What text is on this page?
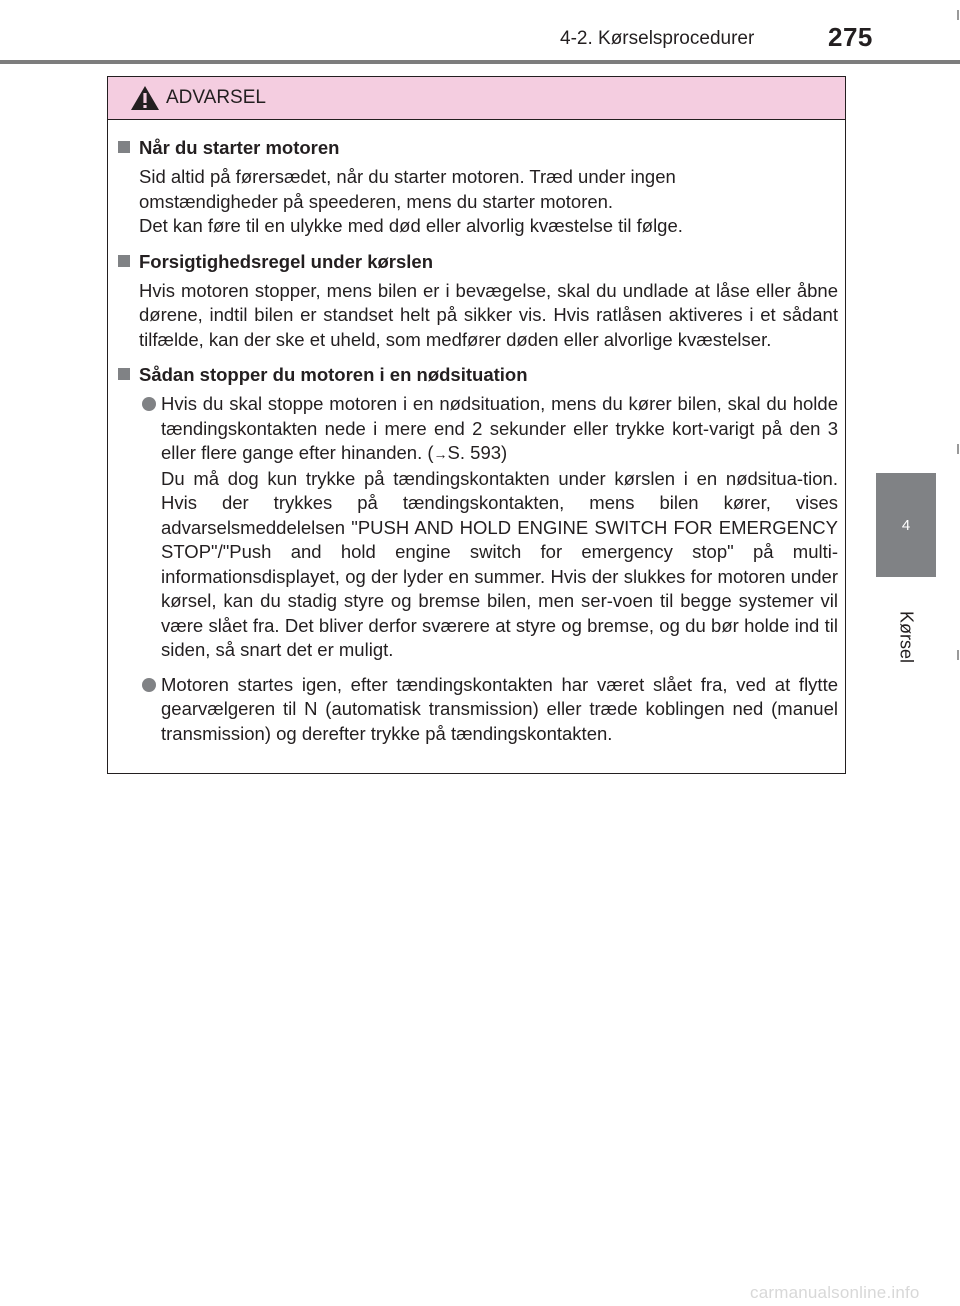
4-2. Kørselsprocedurer	275
4
Kørsel
ADVARSEL
Når du starter motoren
Sid altid på førersædet, når du starter motoren. Træd under ingen
omstændigheder på speederen, mens du starter motoren.
Det kan føre til en ulykke med død eller alvorlig kvæstelse til følge.
Forsigtighedsregel under kørslen
Hvis motoren stopper, mens bilen er i bevægelse, skal du undlade at låse eller åbne dørene, indtil bilen er standset helt på sikker vis. Hvis ratlåsen aktiveres i et sådant tilfælde, kan der ske et uheld, som medfører døden eller alvorlige kvæstelser.
Sådan stopper du motoren i en nødsituation
Hvis du skal stoppe motoren i en nødsituation, mens du kører bilen, skal du holde tændingskontakten nede i mere end 2 sekunder eller trykke kort-varigt på den 3 eller flere gange efter hinanden. (→S. 593)
Du må dog kun trykke på tændingskontakten under kørslen i en nødsitua-tion. Hvis der trykkes på tændingskontakten, mens bilen kører, vises advarselsmeddelelsen "PUSH AND HOLD ENGINE SWITCH FOR EMERGENCY STOP"/"Push and hold engine switch for emergency stop" på multi-informationsdisplayet, og der lyder en summer. Hvis der slukkes for motoren under kørsel, kan du stadig styre og bremse bilen, men ser-voen til begge systemer vil være slået fra. Det bliver derfor sværere at styre og bremse, og du bør holde ind til siden, så snart det er muligt.
Motoren startes igen, efter tændingskontakten har været slået fra, ved at flytte gearvælgeren til N (automatisk transmission) eller træde koblingen ned (manuel transmission) og derefter trykke på tændingskontakten.
carmanualsonline.info
